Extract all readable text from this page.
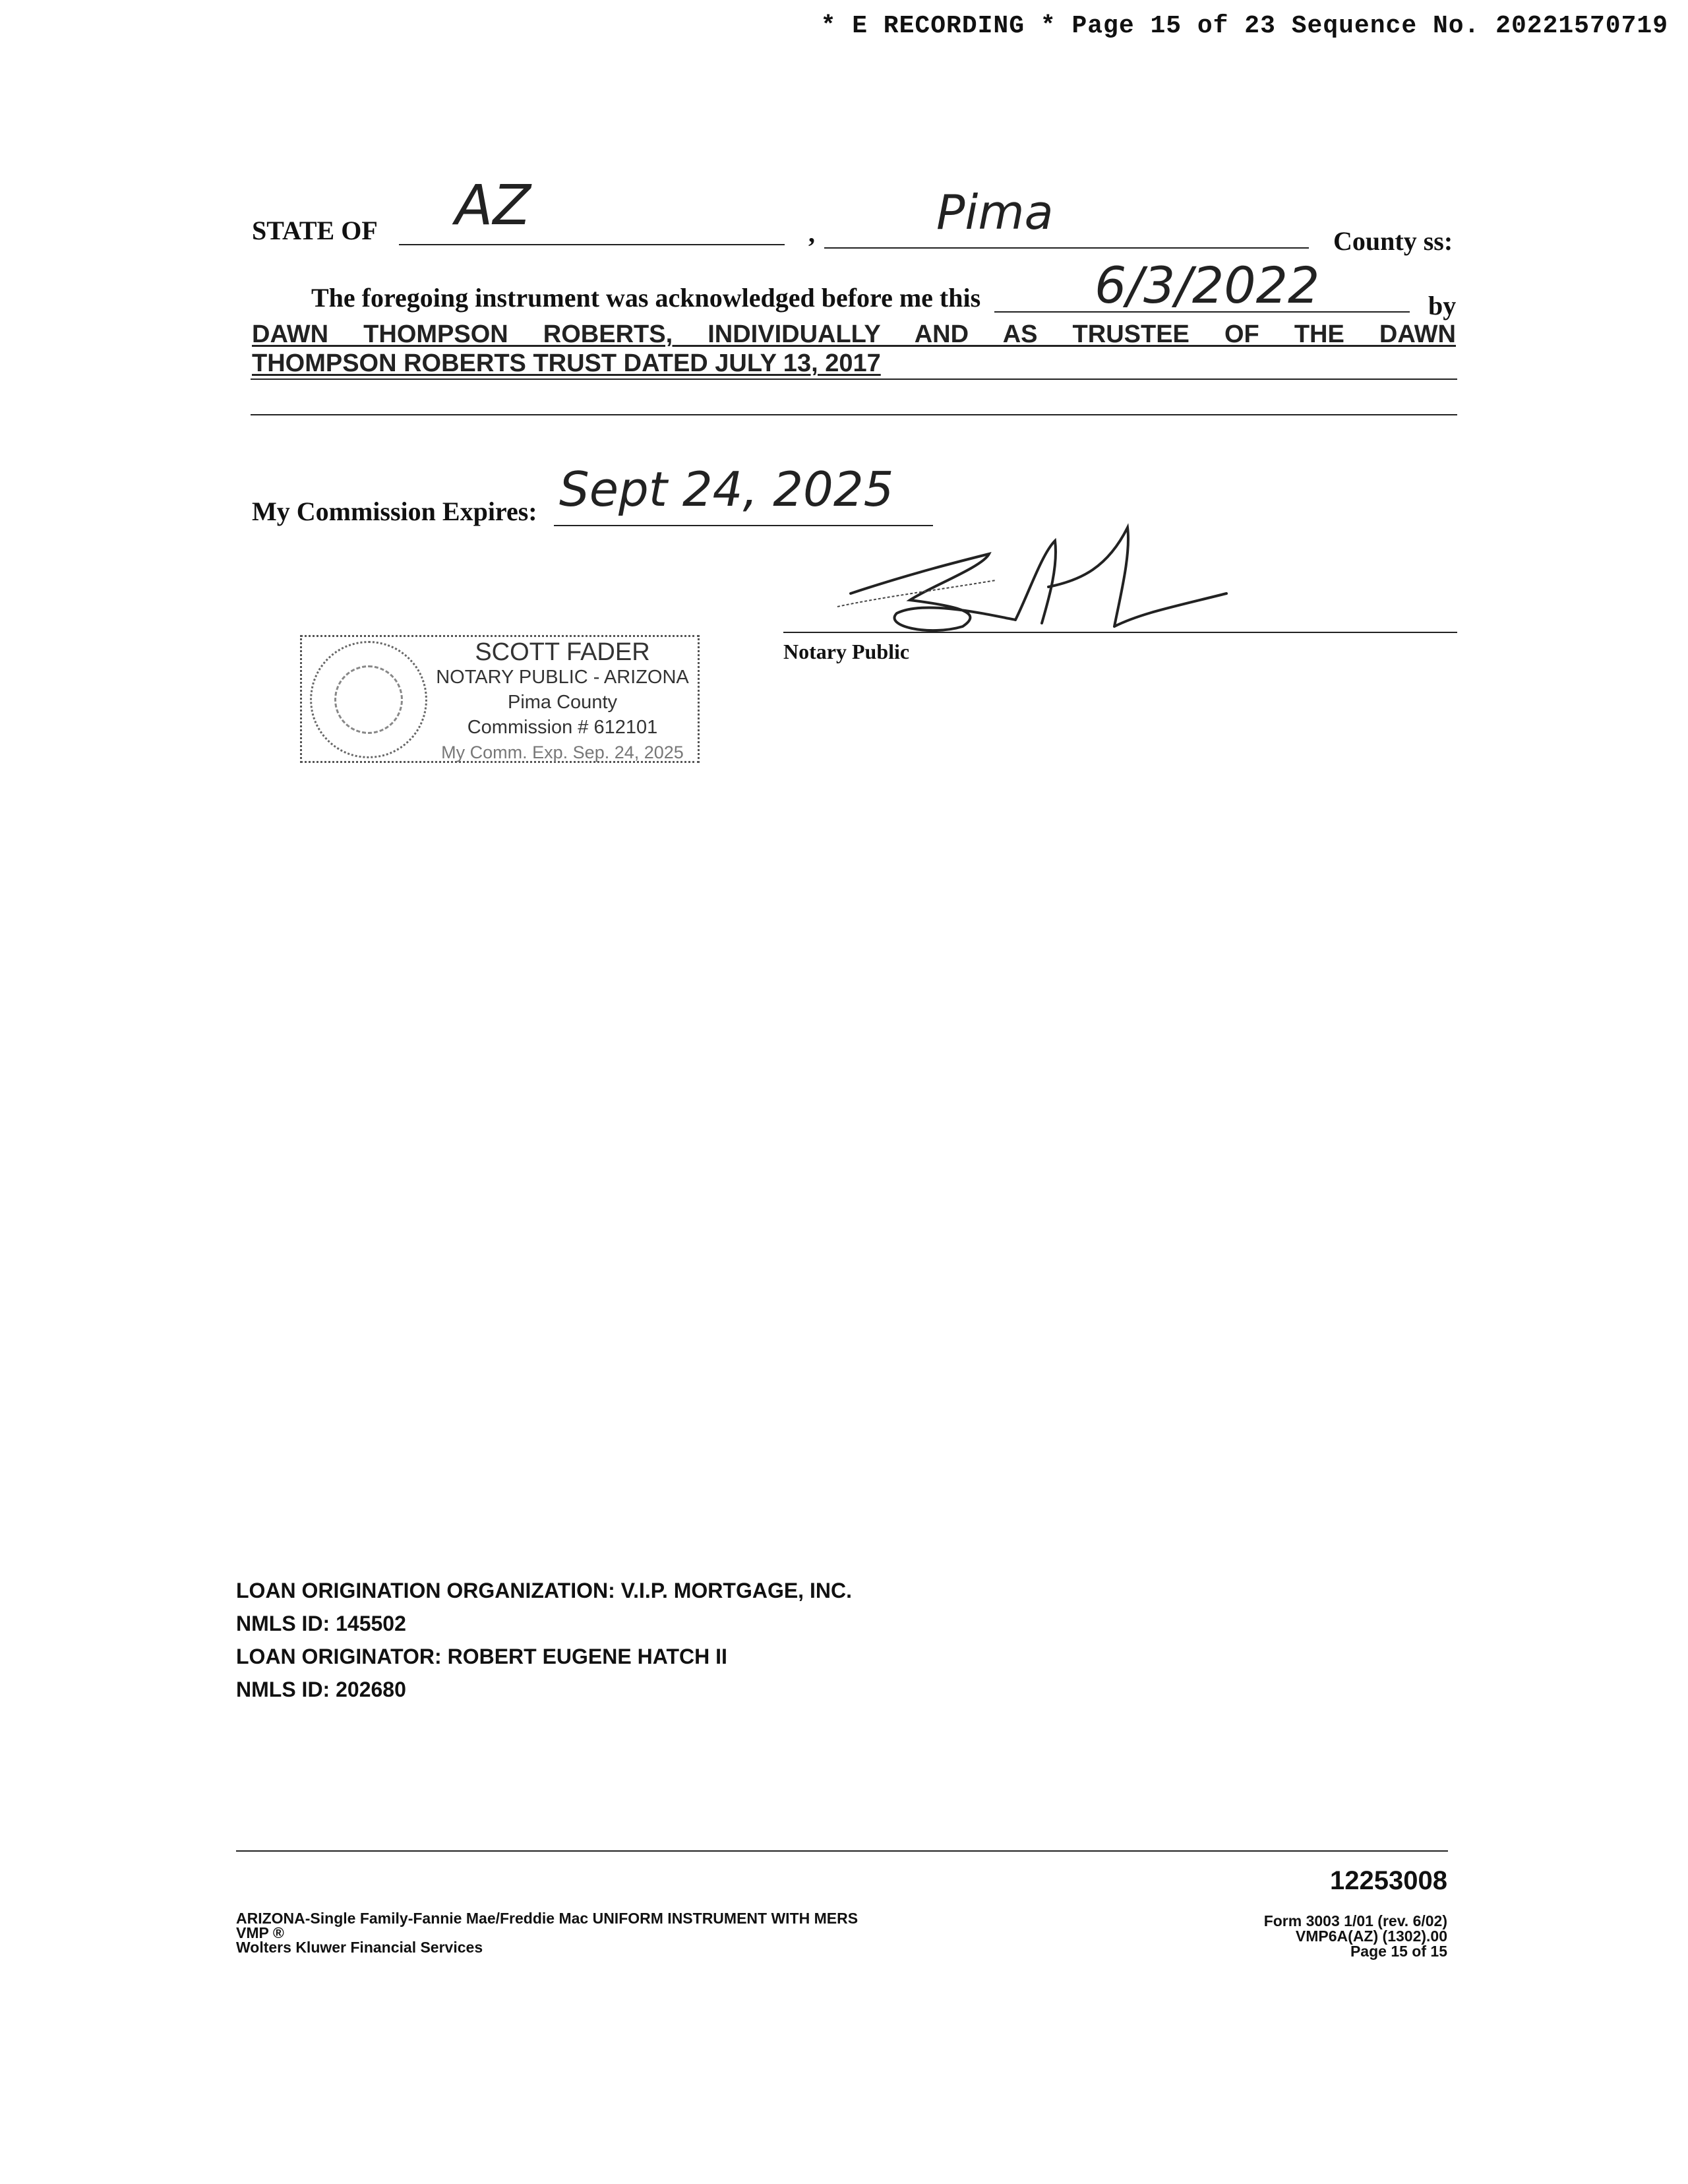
* E RECORDING * Page 15 of 23 Sequence No. 20221570719
STATE OF AZ	,	Pima
County ss:
The foregoing instrument was acknowledged before me this 6/3/2022	by
DAWN THOMPSON ROBERTS, INDIVIDUALLY AND AS TRUSTEE OF THE DAWN
THOMPSON ROBERTS TRUST DATED JULY 13, 2017
My Commission Expires: Sept 24, 2025
Notary Public
SCOTT FADER
NOTARY PUBLIC - ARIZONA
Pima County
Commission # 612101
My Comm. Exp. Sep. 24, 2025
LOAN ORIGINATION ORGANIZATION: V.I.P. MORTGAGE, INC.
NMLS ID: 145502
LOAN ORIGINATOR: ROBERT EUGENE HATCH II
NMLS ID: 202680
12253008
ARIZONA-Single Family-Fannie Mae/Freddie Mac UNIFORM INSTRUMENT WITH MERS
VMP ®
Wolters Kluwer Financial Services
Form 3003 1/01 (rev. 6/02)
VMP6A(AZ) (1302).00
Page 15 of 15
